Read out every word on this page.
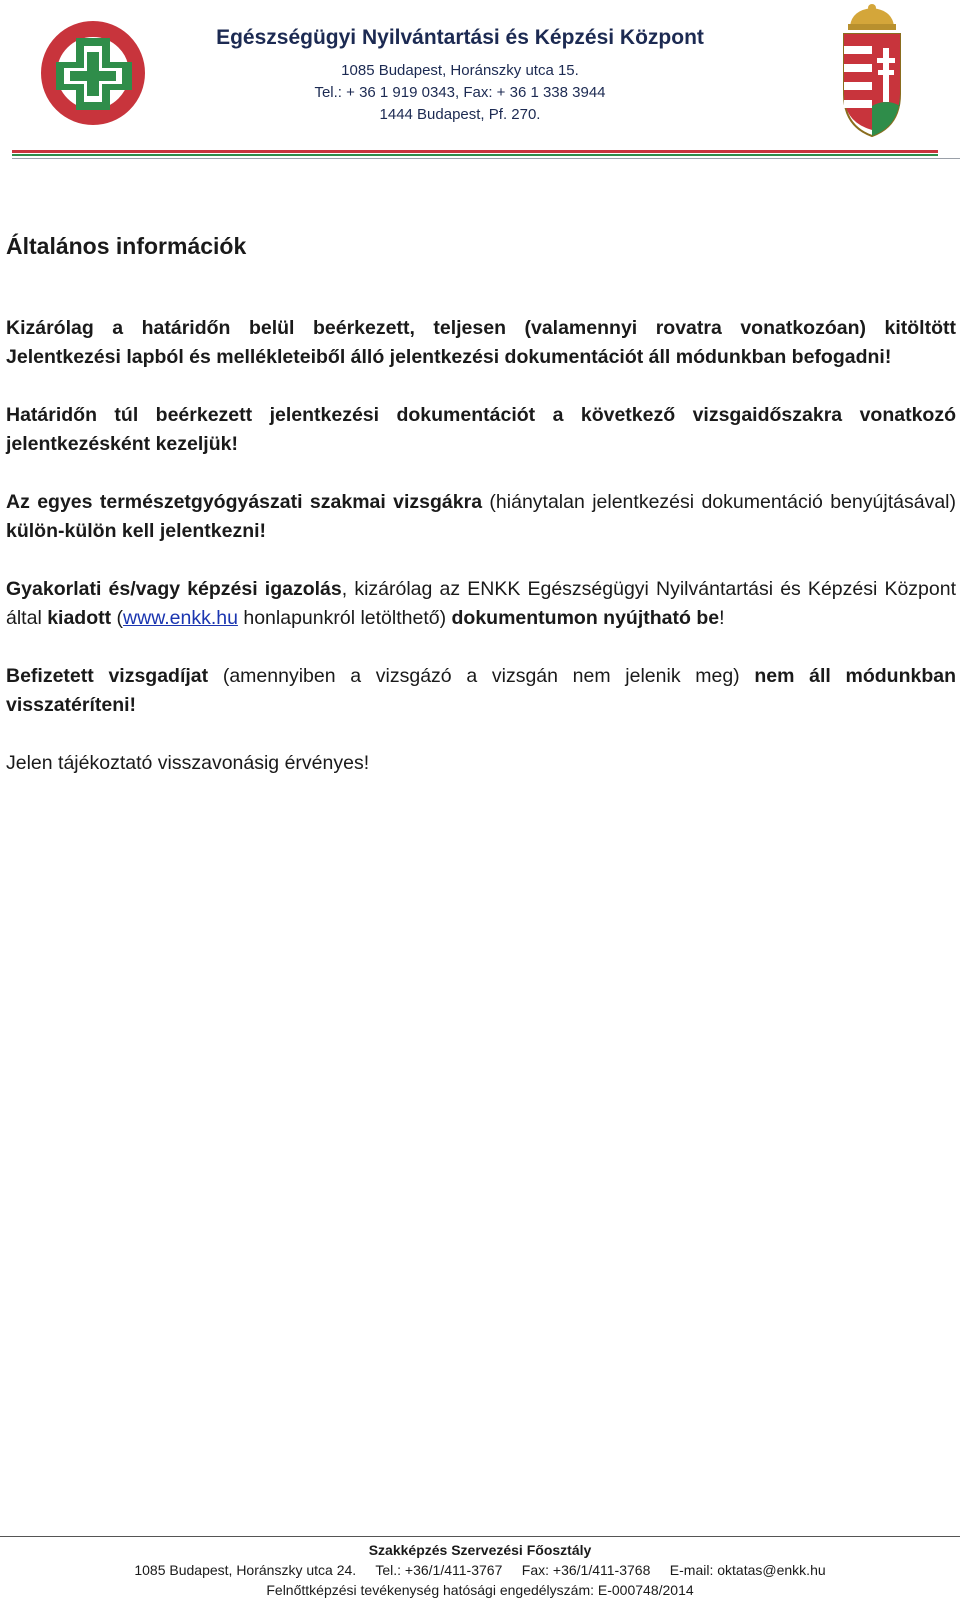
Egészségügyi Nyilvántartási és Képzési Központ
1085 Budapest, Horánszky utca 15.
Tel.: + 36 1 919 0343, Fax: + 36 1 338 3944
1444 Budapest, Pf. 270.
Általános információk

Kizárólag a határidőn belül beérkezett, teljesen (valamennyi rovatra vonatkozóan) kitöltött Jelentkezési lapból és mellékleteiből álló jelentkezési dokumentációt áll módunkban befogadni!

Határidőn túl beérkezett jelentkezési dokumentációt a következő vizsgaidőszakra vonatkozó jelentkezésként kezeljük!

Az egyes természetgyógyászati szakmai vizsgákra (hiánytalan jelentkezési dokumentáció benyújtásával) külön-külön kell jelentkezni!

Gyakorlati és/vagy képzési igazolás, kizárólag az ENKK Egészségügyi Nyilvántartási és Képzési Központ által kiadott (www.enkk.hu honlapunkról letölthető) dokumentumon nyújtható be!

Befizetett vizsgadíjat (amennyiben a vizsgázó a vizsgán nem jelenik meg) nem áll módunkban visszatéríteni!

Jelen tájékoztató visszavonásig érvényes!

Szakképzés Szervezési Főosztály
1085 Budapest, Horánszky utca 24.     Tel.: +36/1/411-3767     Fax: +36/1/411-3768     E-mail: oktatas@enkk.hu
Felnőttképzési tevékenység hatósági engedélyszám: E-000748/2014
